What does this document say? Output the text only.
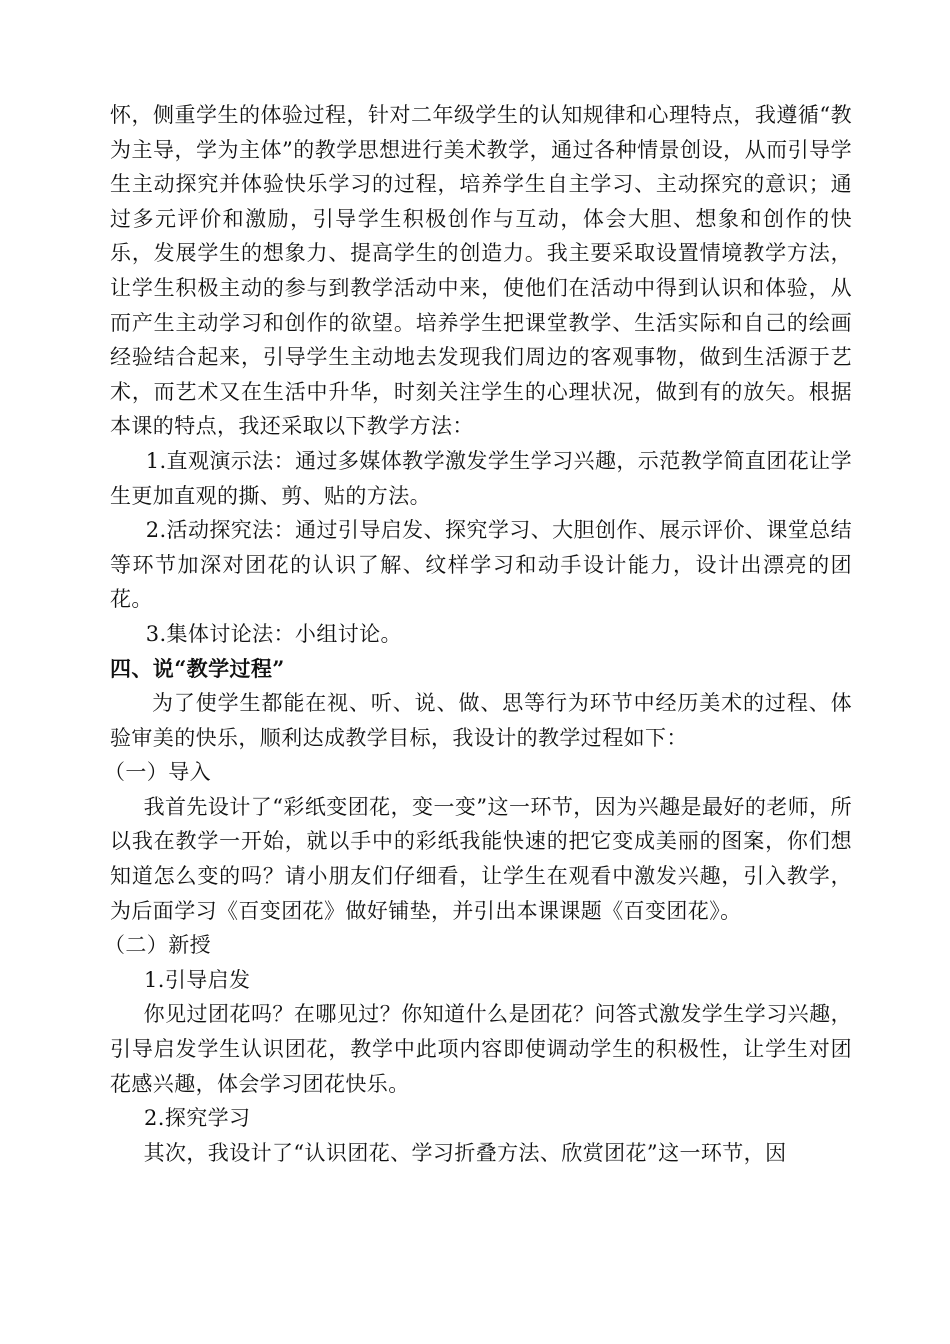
怀，侧重学生的体验过程，针对二年级学生的认知规律和心理特点，我遵循“教为主导，学为主体”的教学思想进行美术教学，通过各种情景创设，从而引导学生主动探究并体验快乐学习的过程，培养学生自主学习、主动探究的意识；通过多元评价和激励，引导学生积极创作与互动，体会大胆、想象和创作的快乐，发展学生的想象力、提高学生的创造力。我主要采取设置情境教学方法，让学生积极主动的参与到教学活动中来，使他们在活动中得到认识和体验，从而产生主动学习和创作的欲望。培养学生把课堂教学、生活实际和自己的绘画经验结合起来，引导学生主动地去发现我们周边的客观事物，做到生活源于艺术，而艺术又在生活中升华，时刻关注学生的心理状况，做到有的放矢。根据本课的特点，我还采取以下教学方法：

1.直观演示法：通过多媒体教学激发学生学习兴趣，示范教学简直团花让学生更加直观的撕、剪、贴的方法。

2.活动探究法：通过引导启发、探究学习、大胆创作、展示评价、课堂总结等环节加深对团花的认识了解、纹样学习和动手设计能力，设计出漂亮的团花。

3.集体讨论法：小组讨论。

四、说“教学过程”

为了使学生都能在视、听、说、做、思等行为环节中经历美术的过程、体验审美的快乐，顺利达成教学目标，我设计的教学过程如下：

（一）导入

我首先设计了“彩纸变团花，变一变”这一环节，因为兴趣是最好的老师，所以我在教学一开始，就以手中的彩纸我能快速的把它变成美丽的图案，你们想知道怎么变的吗？请小朋友们仔细看，让学生在观看中激发兴趣，引入教学，为后面学习《百变团花》做好铺垫，并引出本课课题《百变团花》。

（二）新授

1.引导启发

你见过团花吗？在哪见过？你知道什么是团花？问答式激发学生学习兴趣，引导启发学生认识团花，教学中此项内容即使调动学生的积极性，让学生对团花感兴趣，体会学习团花快乐。

2.探究学习

其次，我设计了“认识团花、学习折叠方法、欣赏团花”这一环节，因
